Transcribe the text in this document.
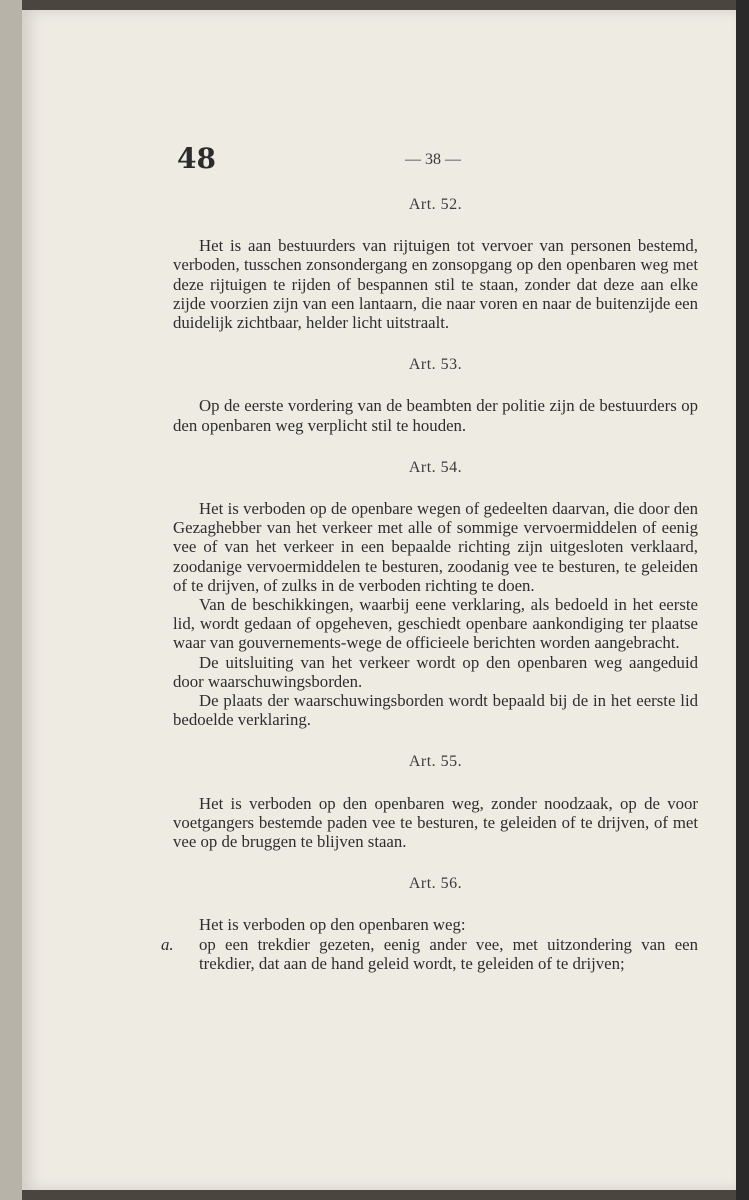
48	— 38 —
Art. 52.

Het is aan bestuurders van rijtuigen tot vervoer van personen bestemd, verboden, tusschen zonsondergang en zonsopgang op den openbaren weg met deze rijtuigen te rijden of bespannen stil te staan, zonder dat deze aan elke zijde voorzien zijn van een lantaarn, die naar voren en naar de buitenzijde een duidelijk zichtbaar, helder licht uitstraalt.

Art. 53.

Op de eerste vordering van de beambten der politie zijn de bestuurders op den openbaren weg verplicht stil te houden.

Art. 54.

Het is verboden op de openbare wegen of gedeelten daarvan, die door den Gezaghebber van het verkeer met alle of sommige vervoermiddelen of eenig vee of van het verkeer in een bepaalde richting zijn uitgesloten verklaard, zoodanige vervoermiddelen te besturen, zoodanig vee te besturen, te geleiden of te drijven, of zulks in de verboden richting te doen.

Van de beschikkingen, waarbij eene verklaring, als bedoeld in het eerste lid, wordt gedaan of opgeheven, geschiedt openbare aankondiging ter plaatse waar van gouvernements-wege de officieele berichten worden aangebracht.

De uitsluiting van het verkeer wordt op den openbaren weg aangeduid door waarschuwingsborden.

De plaats der waarschuwingsborden wordt bepaald bij de in het eerste lid bedoelde verklaring.

Art. 55.

Het is verboden op den openbaren weg, zonder noodzaak, op de voor voetgangers bestemde paden vee te besturen, te geleiden of te drijven, of met vee op de bruggen te blijven staan.

Art. 56.

Het is verboden op den openbaren weg:

a. op een trekdier gezeten, eenig ander vee, met uitzondering van een trekdier, dat aan de hand geleid wordt, te geleiden of te drijven;
